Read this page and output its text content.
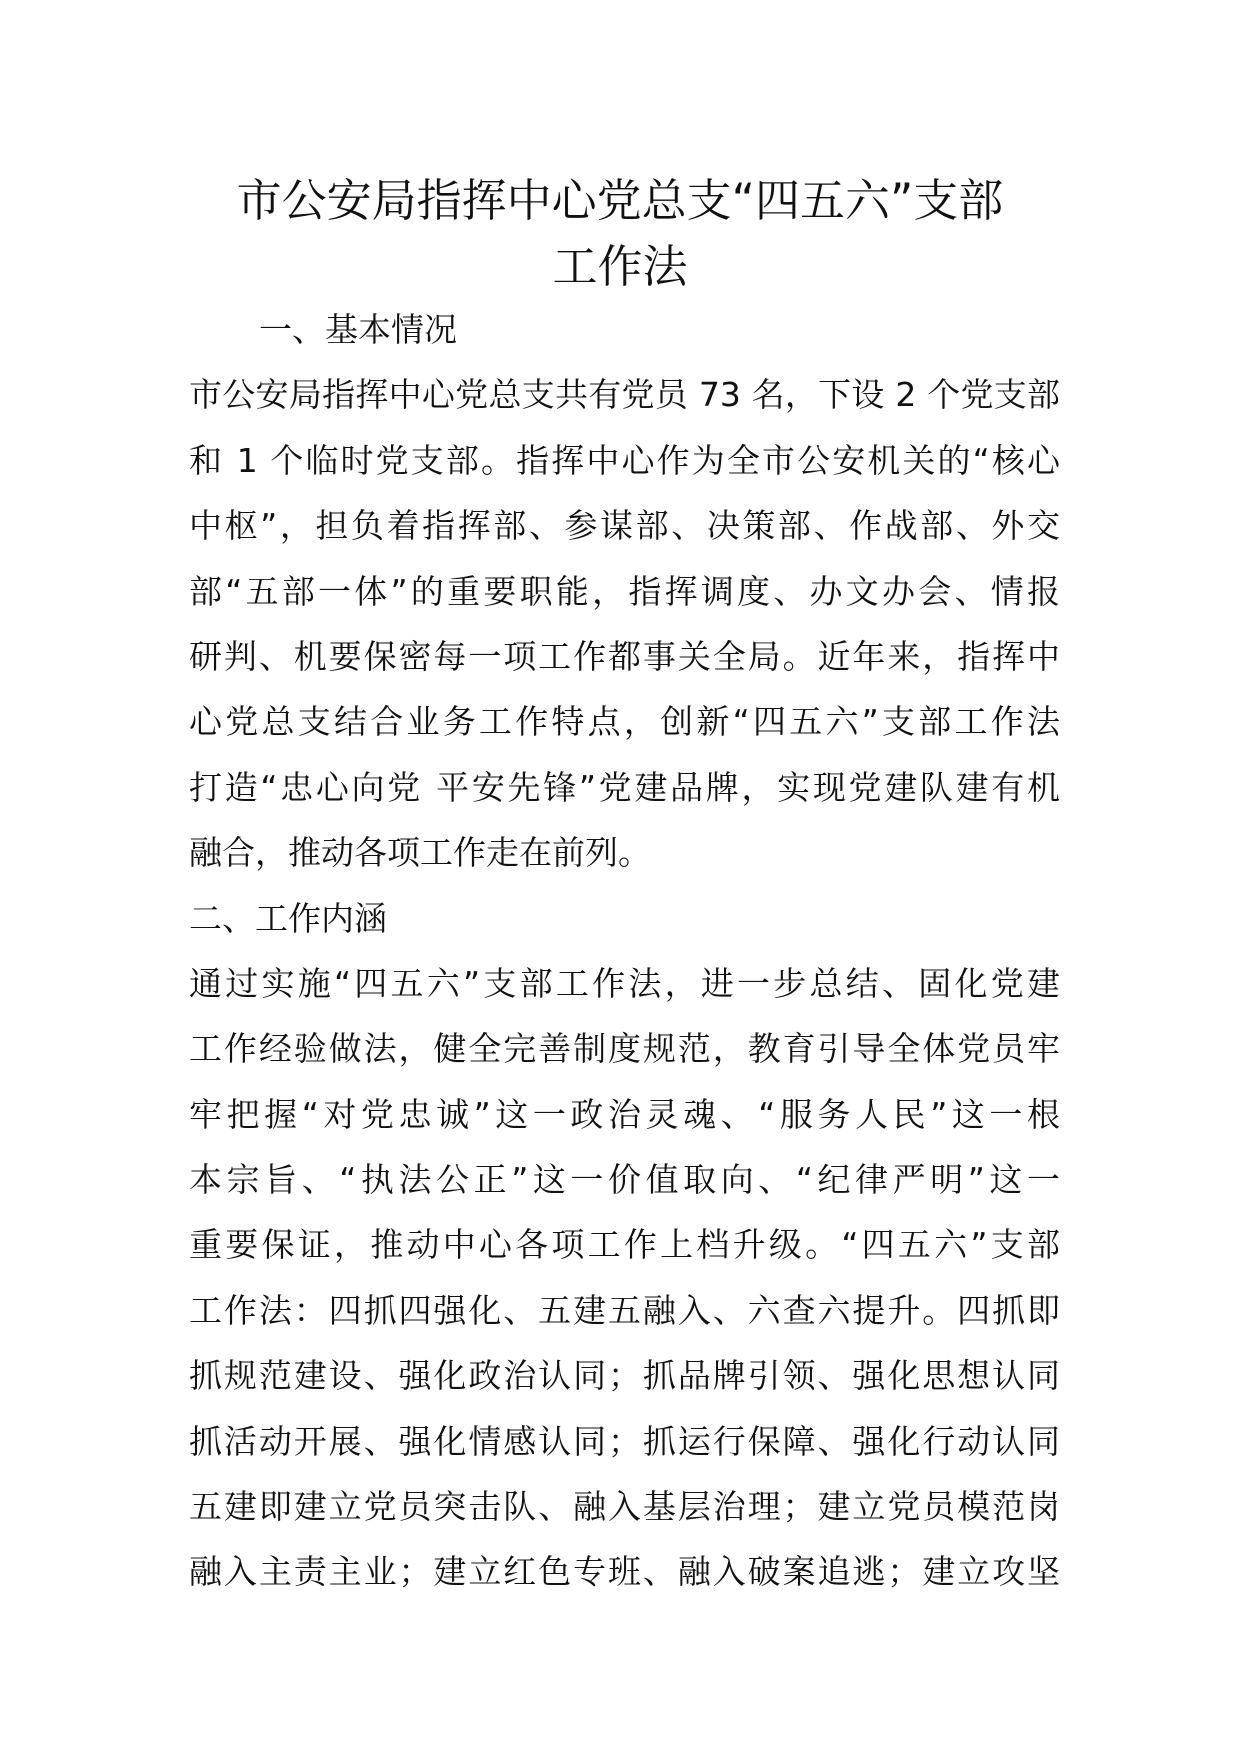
市公安局指挥中心党总支“四五六”支部
工作法
一、基本情况
市公安局指挥中心党总支共有党员 73 名，下设 2 个党支部
和 1 个临时党支部。指挥中心作为全市公安机关的“核心
中枢”，担负着指挥部、参谋部、决策部、作战部、外交
部“五部一体”的重要职能，指挥调度、办文办会、情报
研判、机要保密每一项工作都事关全局。近年来，指挥中
心党总支结合业务工作特点，创新“四五六”支部工作法
打造“忠心向党 平安先锋”党建品牌，实现党建队建有机
融合，推动各项工作走在前列。
二、工作内涵
通过实施“四五六”支部工作法，进一步总结、固化党建
工作经验做法，健全完善制度规范，教育引导全体党员牢
牢把握“对党忠诚”这一政治灵魂、“服务人民”这一根
本宗旨、“执法公正”这一价值取向、“纪律严明”这一
重要保证，推动中心各项工作上档升级。“四五六”支部
工作法：四抓四强化、五建五融入、六查六提升。四抓即
抓规范建设、强化政治认同；抓品牌引领、强化思想认同
抓活动开展、强化情感认同；抓运行保障、强化行动认同
五建即建立党员突击队、融入基层治理；建立党员模范岗
融入主责主业；建立红色专班、融入破案追逃；建立攻坚
